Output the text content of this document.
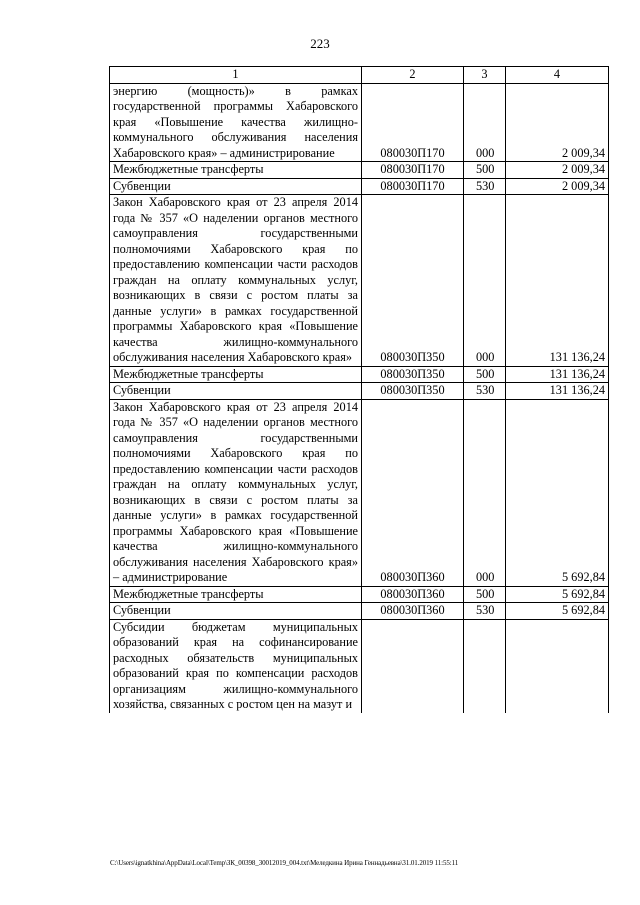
223
1	2	3	4
энергию (мощность)» в рамках государственной программы Хабаровского края «Повышение качества жилищно-коммунального обслуживания населения Хабаровского края» – администрирование	080030П170	000	2 009,34
Межбюджетные трансферты	080030П170	500	2 009,34
Субвенции	080030П170	530	2 009,34
Закон Хабаровского края от 23 апреля 2014 года № 357 «О наделении органов местного самоуправления государственными полномочиями Хабаровского края по предоставлению компенсации части расходов граждан на оплату коммунальных услуг, возникающих в связи с ростом платы за данные услуги» в рамках государственной программы Хабаровского края «Повышение качества жилищно-коммунального обслуживания населения Хабаровского края»	080030П350	000	131 136,24
Межбюджетные трансферты	080030П350	500	131 136,24
Субвенции	080030П350	530	131 136,24
Закон Хабаровского края от 23 апреля 2014 года № 357 «О наделении органов местного самоуправления государственными полномочиями Хабаровского края по предоставлению компенсации части расходов граждан на оплату коммунальных услуг, возникающих в связи с ростом платы за данные услуги» в рамках государственной программы Хабаровского края «Повышение качества жилищно-коммунального обслуживания населения Хабаровского края» – администрирование	080030П360	000	5 692,84
Межбюджетные трансферты	080030П360	500	5 692,84
Субвенции	080030П360	530	5 692,84
Субсидии бюджетам муниципальных образований края на софинансирование расходных обязательств муниципальных образований края по компенсации расходов организациям жилищно-коммунального хозяйства, связанных с ростом цен на мазут и			
C:\Users\ignatkhina\AppData\Local\Temp\ЗК_00398_30012019_004.txt\Меледкина Ирина Геннадьевна\31.01.2019 11:55:11
